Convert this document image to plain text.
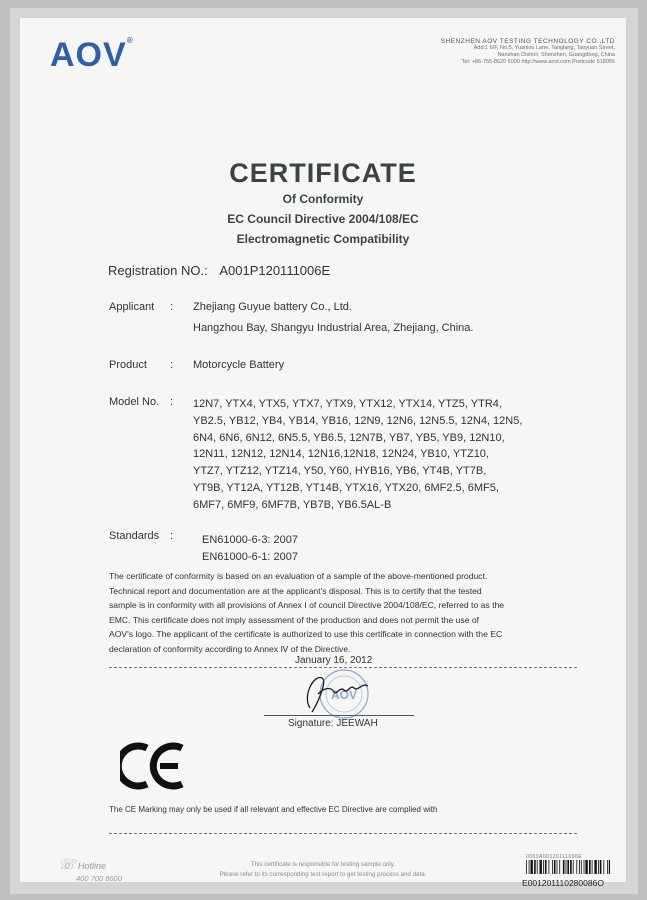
AOV®	SHENZHEN AOV TESTING TECHNOLOGY CO.,LTD
Add:1 6/F, No.5, Yuanlou Lane, Tanglang, Taoyuan Street,
Nanshan District, Shenzhen, Guangdong, China
Tel: +86-755-8620 6000 http://www.aovt.com Postcode 518055
CERTIFICATE
Of Conformity
EC Council Directive 2004/108/EC
Electromagnetic Compatibility
Registration NO.: A001P120111006E
Applicant : Zhejiang Guyue battery Co., Ltd.
Hangzhou Bay, Shangyu Industrial Area, Zhejiang, China.
Product : Motorcycle Battery
Model No. : 12N7, YTX4, YTX5, YTX7, YTX9, YTX12, YTX14, YTZ5, YTR4,
YB2.5, YB12, YB4, YB14, YB16, 12N9, 12N6, 12N5.5, 12N4, 12N5,
6N4, 6N6, 6N12, 6N5.5, YB6.5, 12N7B, YB7, YB5, YB9, 12N10,
12N11, 12N12, 12N14, 12N16,12N18, 12N24, YB10, YTZ10,
YTZ7, YTZ12, YTZ14, Y50, Y60, HYB16, YB6, YT4B, YT7B,
YT9B, YT12A, YT12B, YT14B, YTX16, YTX20, 6MF2.5, 6MF5,
6MF7, 6MF9, 6MF7B, YB7B, YB6.5AL-B
Standards :	EN61000-6-3: 2007
EN61000-6-1: 2007
The certificate of conformity is based on an evaluation of a sample of the above-mentioned product.
Technical report and documentation are at the applicant's disposal. This is to certify that the tested
sample is in conformity with all provisions of Annex I of council Directive 2004/108/EC, referred to as the
EMC. This certificate does not imply assessment of the production and does not permit the use of
AOV's logo. The applicant of the certificate is authorized to use this certificate in connection with the EC
declaration of conformity according to Annex Ⅳ of the Directive.
January 16, 2012
AOV
Signature: JEEWAH
The CE Marking may only be used if all relevant and effective EC Directive are complied with
☏ Hotline
400 700 8600
This certificate is responsible for testing sample only.
Please refer to its corresponding test report to get testing process and data.
0000A00120111006E
E001201110280086O
